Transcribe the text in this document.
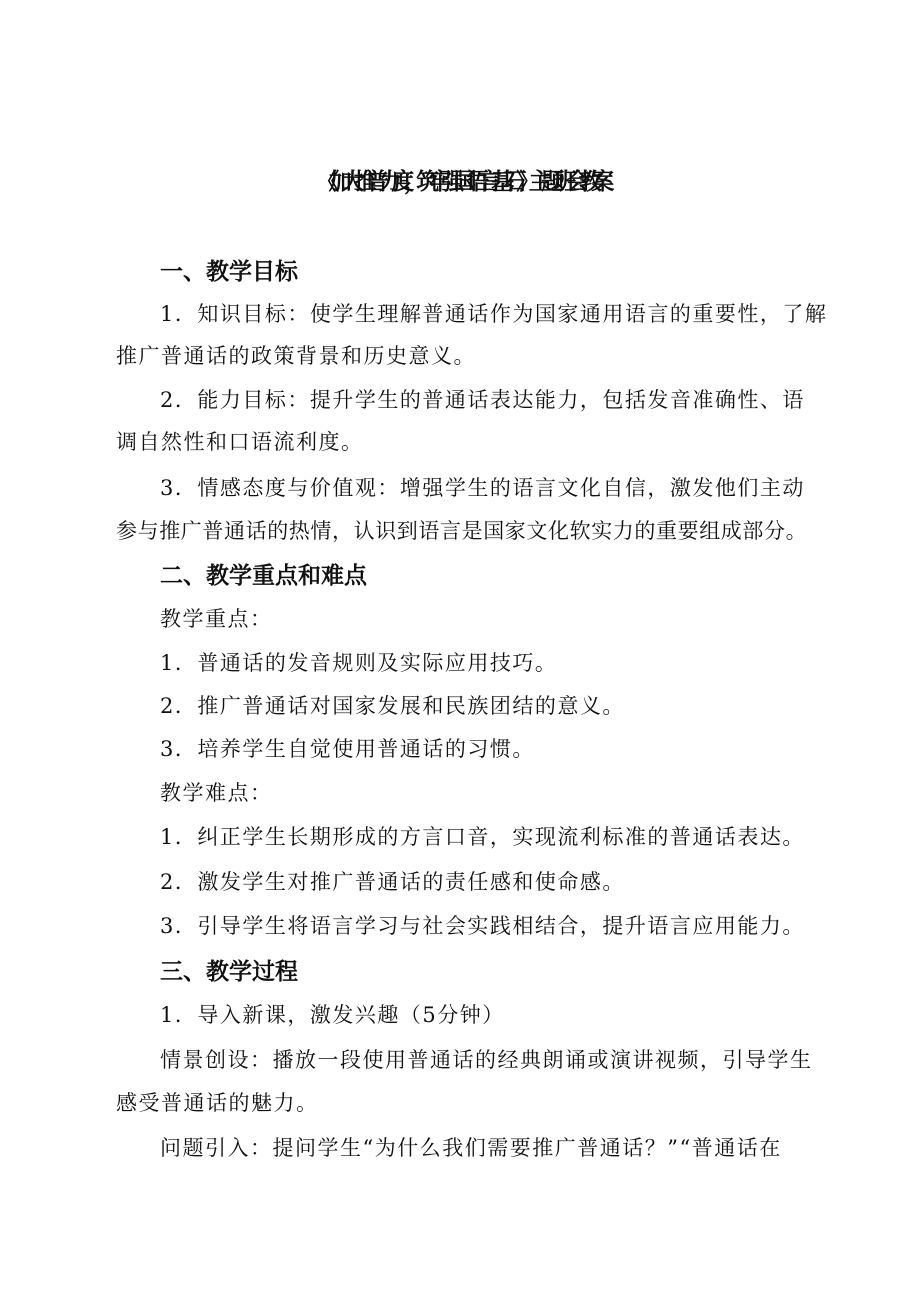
《加大推普力度，筑牢强国语言基石》主题班会教案
一、教学目标
1．知识目标：使学生理解普通话作为国家通用语言的重要性，了解
推广普通话的政策背景和历史意义。
2．能力目标：提升学生的普通话表达能力，包括发音准确性、语
调自然性和口语流利度。
3．情感态度与价值观：增强学生的语言文化自信，激发他们主动
参与推广普通话的热情，认识到语言是国家文化软实力的重要组成部分。
二、教学重点和难点
教学重点：
1．普通话的发音规则及实际应用技巧。
2．推广普通话对国家发展和民族团结的意义。
3．培养学生自觉使用普通话的习惯。
教学难点：
1．纠正学生长期形成的方言口音，实现流利标准的普通话表达。
2．激发学生对推广普通话的责任感和使命感。
3．引导学生将语言学习与社会实践相结合，提升语言应用能力。
三、教学过程
1．导入新课，激发兴趣（5分钟）
情景创设：播放一段使用普通话的经典朗诵或演讲视频，引导学生
感受普通话的魅力。
问题引入：提问学生“为什么我们需要推广普通话？”“普通话在
